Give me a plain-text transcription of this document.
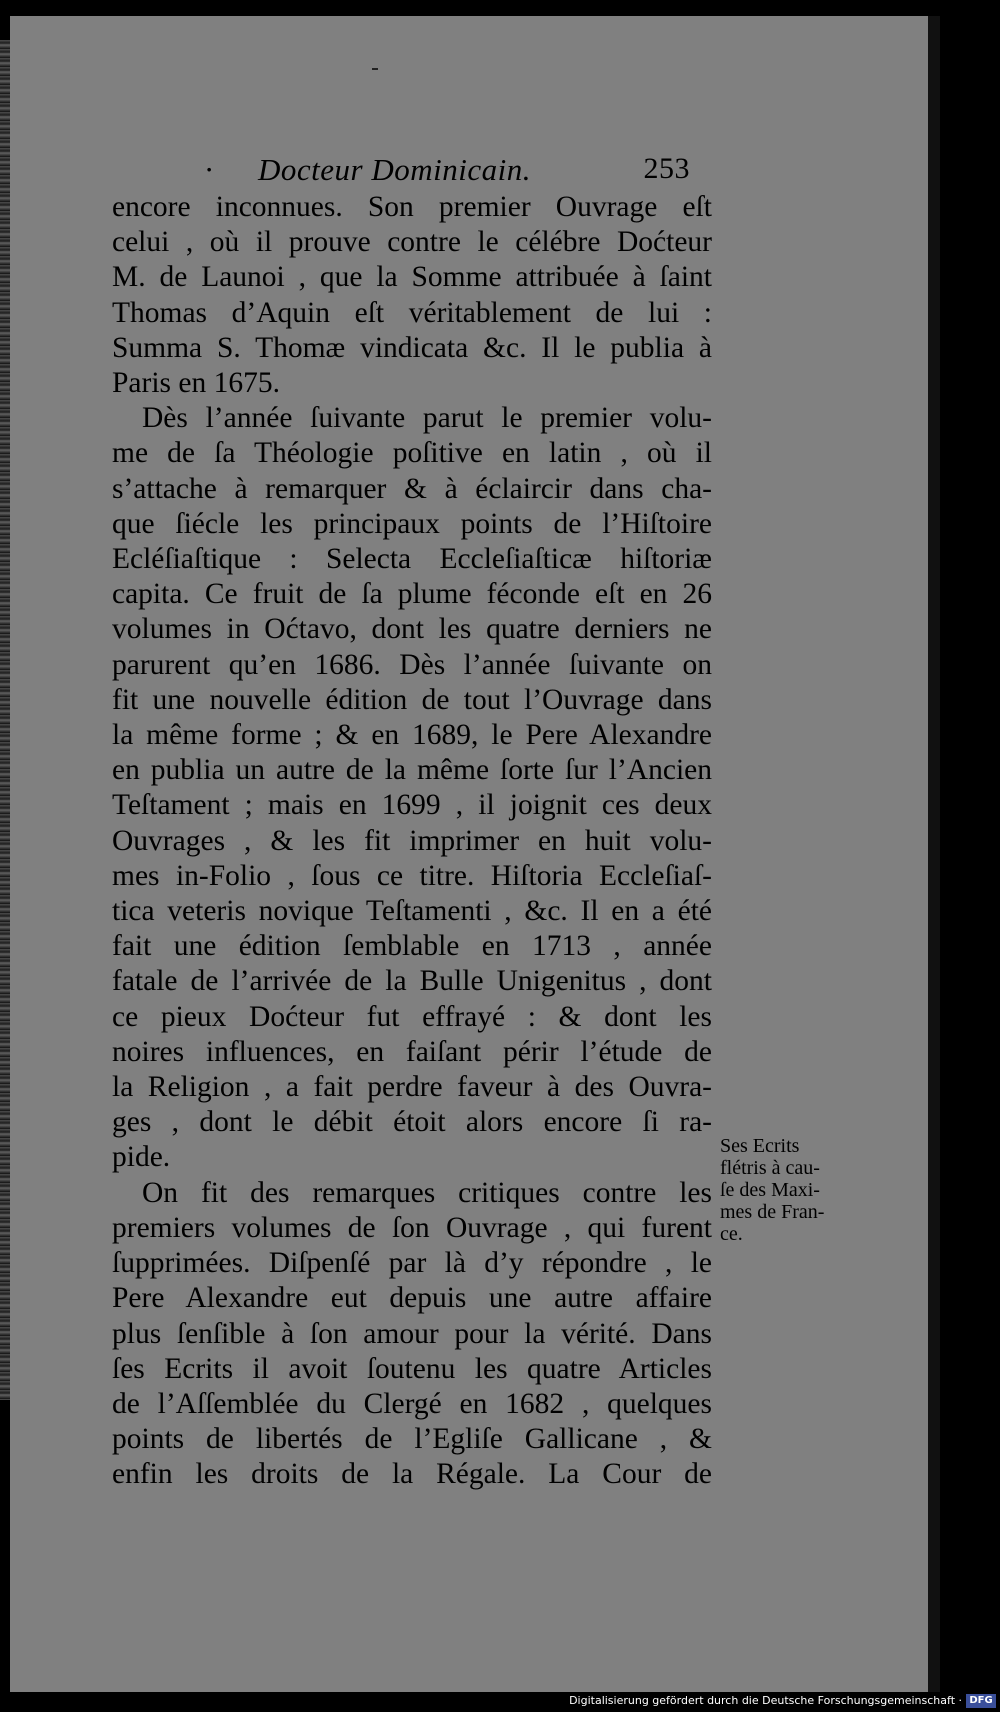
· Doctеur Dominicain.	253
encore inconnues. Son premier Ouvrage eſt
celui , où il prouve contre le célébre Doćteur
M. de Launoi , que la Somme attribuée à ſaint
Thomas d’Aquin eſt véritablement de lui :
Summa S. Thomæ vindicata &c. Il le publia à
Paris en 1675.
Dès l’année ſuivante parut le premier volu-
me de ſa Théologie poſitive en latin , où il
s’attache à remarquer & à éclaircir dans cha-
que ſiécle les principaux points de l’Hiſtoire
Ecléſiaſtique : Selecta Eccleſiaſticæ hiſtoriæ
capita. Ce fruit de ſa plume féconde eſt en 26
volumes in Oćtavo, dont les quatre derniers ne
parurent qu’en 1686. Dès l’année ſuivante on
fit une nouvelle édition de tout l’Ouvrage dans
la même forme ; & en 1689, le Pere Alexandre
en publia un autre de la même ſorte ſur l’Ancien
Teſtament ; mais en 1699 , il joignit ces deux
Ouvrages , & les fit imprimer en huit volu-
mes in-Folio , ſous ce titre. Hiſtoria Eccleſiaſ-
tica veteris novique Teſtamenti , &c. Il en a été
fait une édition ſemblable en 1713 , année
fatale de l’arrivée de la Bulle Unigenitus , dont
ce pieux Doćteur fut effrayé : & dont les
noires influences, en faiſant périr l’étude de
la Religion , a fait perdre faveur à des Ouvra-
ges , dont le débit étoit alors encore ſi ra-
pide.
On fit des remarques critiques contre les
premiers volumes de ſon Ouvrage , qui furent
ſupprimées. Diſpenſé par là d’y répondre , le
Pere Alexandre eut depuis une autre affaire
plus ſenſible à ſon amour pour la vérité. Dans
ſes Ecrits il avoit ſoutenu les quatre Articles
de l’Aſſemblée du Clergé en 1682 , quelques
points de libertés de l’Egliſe Gallicane , &
enfin les droits de la Régale. La Cour de
Ses Ecrits
flétris à cau-
ſe des Maxi-
mes de Fran-
ce.
Digitalisierung gefördert durch die Deutsche Forschungsgemeinschaft · DFG
